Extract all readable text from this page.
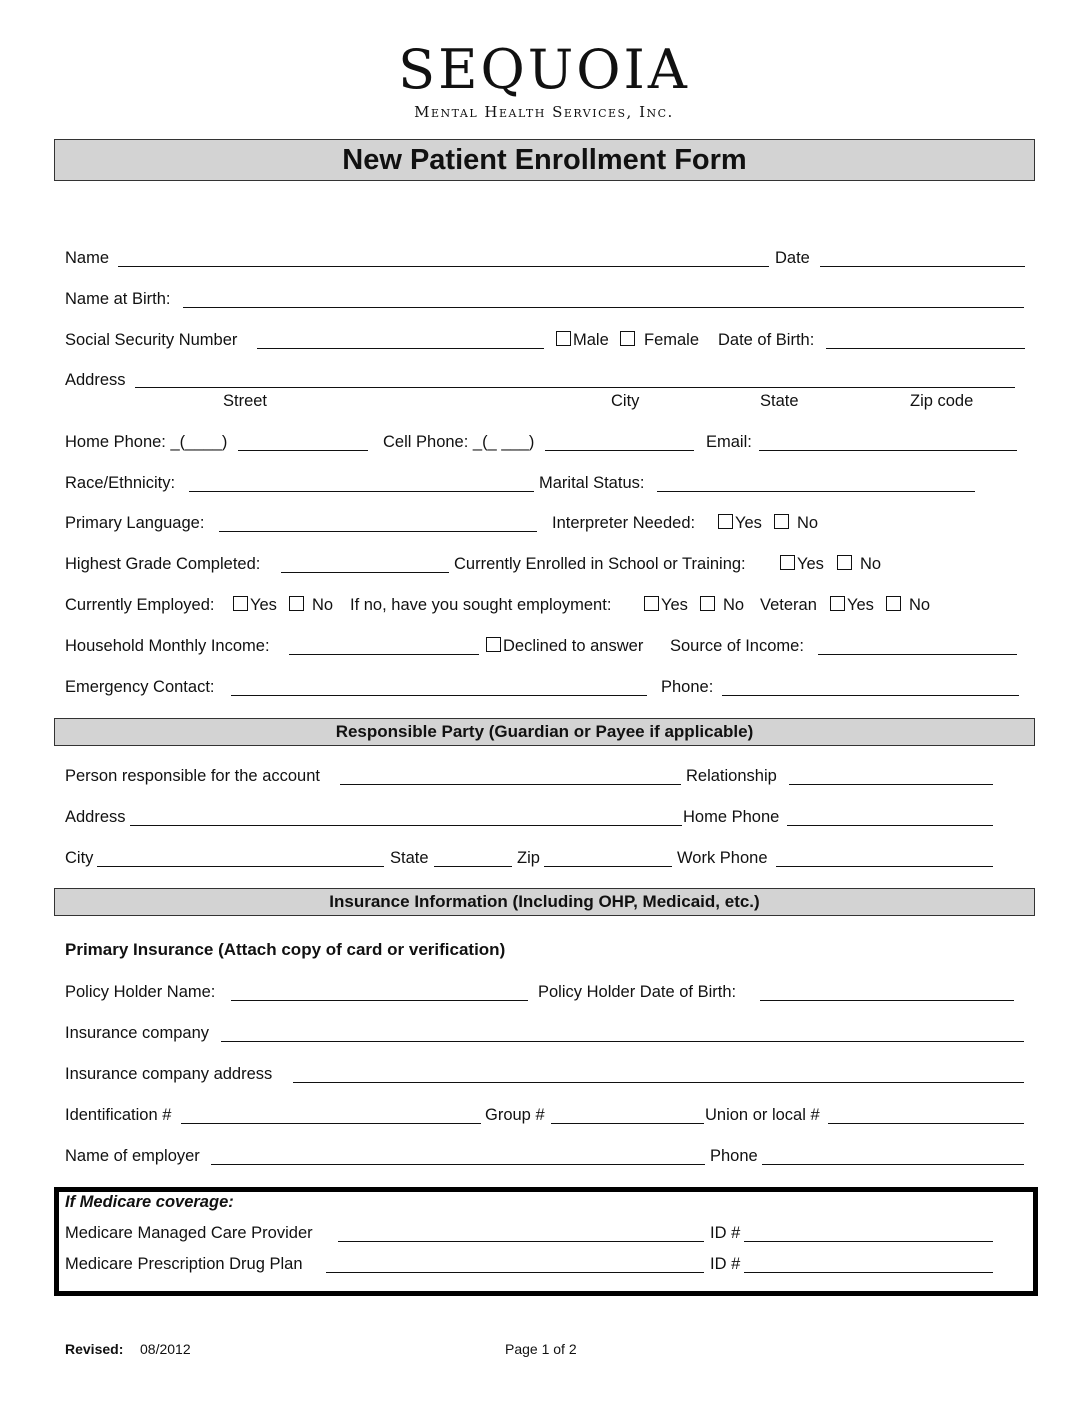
SEQUOIA
Mental Health Services, Inc.
New Patient Enrollment Form
Name	Date
Name at Birth:
Social Security Number	Male Female Date of Birth:
Address
Street	City	State	Zip code
Home Phone: _(____)	Cell Phone: _(_ ___)	Email:
Race/Ethnicity:	Marital Status:
Primary Language:	Interpreter Needed: Yes No
Highest Grade Completed:	Currently Enrolled in School or Training:	Yes No
Currently Employed: Yes No If no, have you sought employment:	Yes No Veteran Yes No
Household Monthly Income:	Declined to answer Source of Income:
Emergency Contact:	Phone:
Responsible Party (Guardian or Payee if applicable)
Person responsible for the account	Relationship
Address	Home Phone
City	State	Zip	Work Phone
Insurance Information (Including OHP, Medicaid, etc.)
Primary Insurance (Attach copy of card or verification)
Policy Holder Name:	Policy Holder Date of Birth:
Insurance company
Insurance company address
Identification #	Group #	Union or local #
Name of employer	Phone
If Medicare coverage:
Medicare Managed Care Provider	ID #
Medicare Prescription Drug Plan	ID #
Revised: 08/2012	Page 1 of 2
